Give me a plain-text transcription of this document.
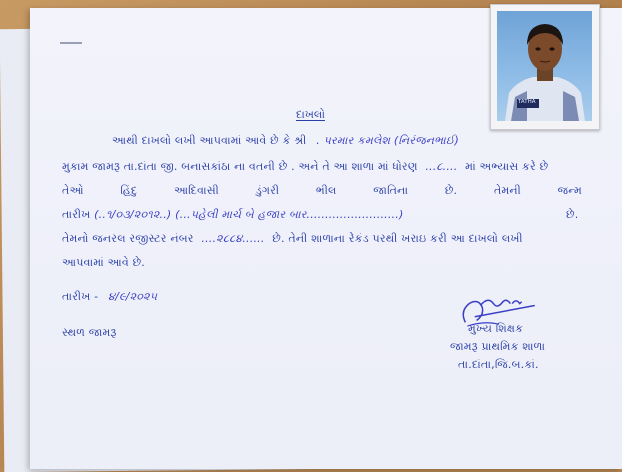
TATHA
દાખલો
આથી દાખલો લખી આપવામાં આવે છે કે શ્રી . પરમાર કમલેશ (નિરંજનભાઈ)
મુકામ જામરૂ તા.દાંતા જી. બનાસકાંઠા ના વતની છે . અને તે આ શાળા માં ધોરણ ...૮.... માં અભ્યાસ કરે છે
તેઓ	હિંદુ	આદિવાસી	ડુંગરી	ભીલ	જાતિના	છે.	તેમની	જન્મ
તારીખ (..૧/૦૩/૨૦૧૨..) (...પહેલી માર્ચ બે હજાર બાર.........................)	છે.
તેમનો જનરલ રજીસ્ટર નંબર ....૨૮૮૪...... છે. તેની શાળાના રેકંડ પરથી ખરાઇ કરી આ દાખલો લખી
આપવામાં આવે છે.
તારીખ - ૪/૯/૨૦૨૫
સ્થળ જામરૂ	મુખ્ય શિક્ષક
જામરૂ પ્રાથમિક શાળા
તા.દાંતા,જિ.બ.કાં.
